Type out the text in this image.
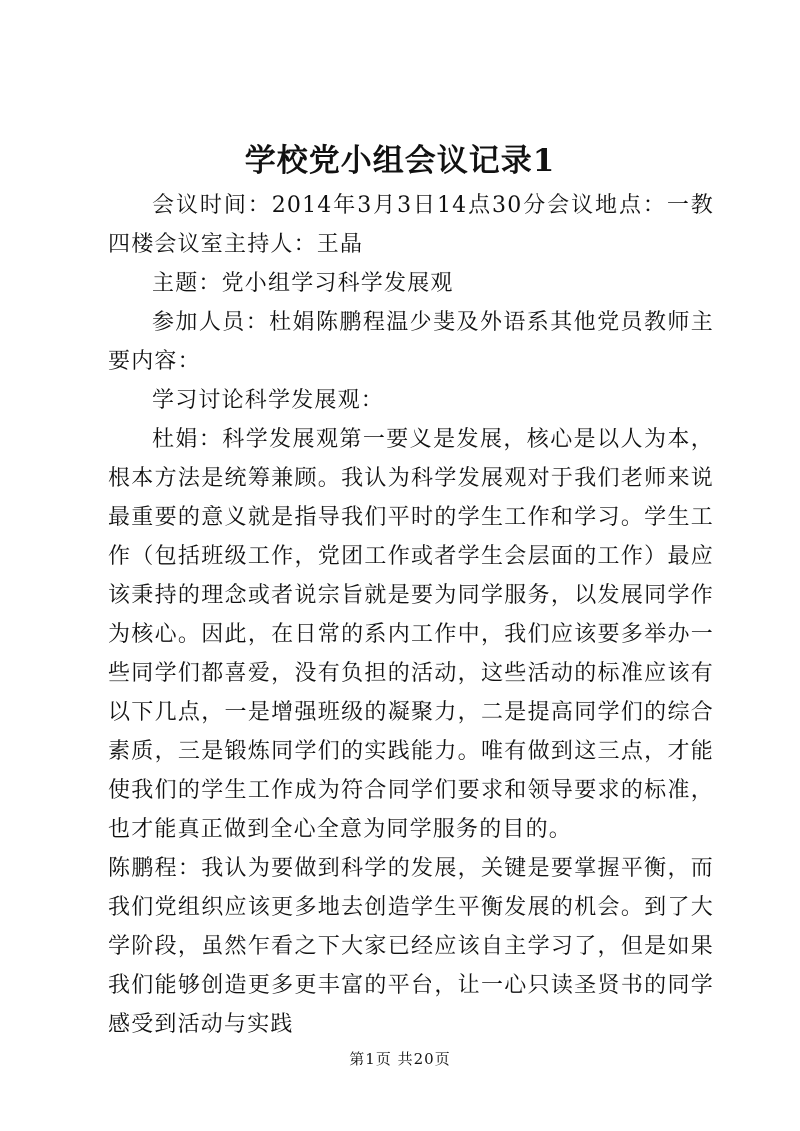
学校党小组会议记录1

会议时间：2014年3月3日14点30分会议地点：一教四楼会议室主持人：王晶

主题：党小组学习科学发展观

参加人员：杜娟陈鹏程温少斐及外语系其他党员教师主要内容：

学习讨论科学发展观：

杜娟：科学发展观第一要义是发展，核心是以人为本，根本方法是统筹兼顾。我认为科学发展观对于我们老师来说最重要的意义就是指导我们平时的学生工作和学习。学生工作（包括班级工作，党团工作或者学生会层面的工作）最应该秉持的理念或者说宗旨就是要为同学服务，以发展同学作为核心。因此，在日常的系内工作中，我们应该要多举办一些同学们都喜爱，没有负担的活动，这些活动的标准应该有以下几点，一是增强班级的凝聚力，二是提高同学们的综合素质，三是锻炼同学们的实践能力。唯有做到这三点，才能使我们的学生工作成为符合同学们要求和领导要求的标准，也才能真正做到全心全意为同学服务的目的。

陈鹏程：我认为要做到科学的发展，关键是要掌握平衡，而我们党组织应该更多地去创造学生平衡发展的机会。到了大学阶段，虽然乍看之下大家已经应该自主学习了，但是如果我们能够创造更多更丰富的平台，让一心只读圣贤书的同学感受到活动与实践

第1页 共20页
